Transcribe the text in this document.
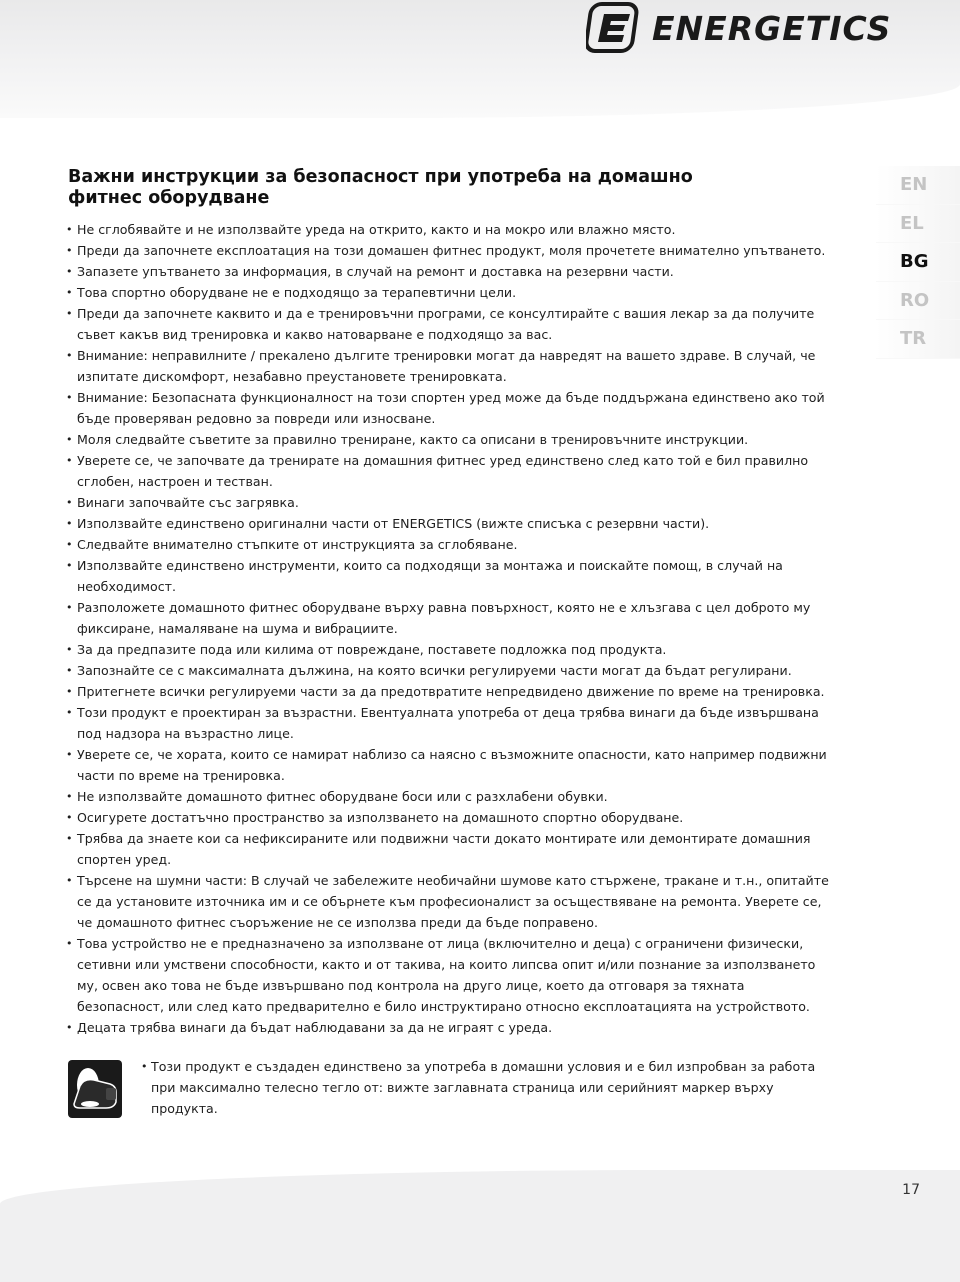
ENERGETICS
Важни инструкции за безопасност при употреба на домашно фитнес оборудване
• Не сглобявайте и не използвайте уреда на открито, както и на мокро или влажно място.
• Преди да започнете експлоатация на този домашен фитнес продукт, моля прочетете внимателно упътването.
• Запазете упътването за информация, в случай на ремонт и доставка на резервни части.
• Това спортно оборудване не е подходящо за терапевтични цели.
• Преди да започнете каквито и да е тренировъчни програми, се консултирайте с вашия лекар за да получите съвет какъв вид тренировка и какво натоварване е подходящо за вас.
• Внимание: неправилните / прекалено дългите тренировки могат да навредят на вашето здраве. В случай, че изпитате дискомфорт, незабавно преустановете тренировката.
• Внимание: Безопасната функционалност на този спортен уред може да бъде поддържана единствено ако той бъде проверяван редовно за повреди или износване.
• Моля следвайте съветите за правилно трениране, както са описани в тренировъчните инструкции.
• Уверете се, че започвате да тренирате на домашния фитнес уред единствено след като той е бил правилно сглобен, настроен и тестван.
• Винаги започвайте със загрявка.
• Използвайте единствено оригинални части от ENERGETICS (вижте списъка с резервни части).
• Следвайте внимателно стъпките от инструкцията за сглобяване.
• Използвайте единствено инструменти, които са подходящи за монтажа и поискайте помощ, в случай на необходимост.
• Разположете домашното фитнес оборудване върху равна повърхност, която не е хлъзгава с цел доброто му фиксиране, намаляване на шума и вибрациите.
• За да предпазите пода или килима от повреждане, поставете подложка под продукта.
• Запознайте се с максималната дължина, на която всички регулируеми части могат да бъдат регулирани.
• Притегнете всички регулируеми части за да предотвратите непредвидено движение по време на тренировка.
• Този продукт е проектиран за възрастни. Евентуалната употреба от деца трябва винаги да бъде извършвана под надзора на възрастно лице.
• Уверете се, че хората, които се намират наблизо са наясно с възможните опасности, като например подвижни части по време на тренировка.
• Не използвайте домашното фитнес оборудване боси или с разхлабени обувки.
• Осигурете достатъчно пространство за използването на домашното спортно оборудване.
• Трябва да знаете кои са нефиксираните или подвижни части докато монтирате или демонтирате домашния спортен уред.
• Търсене на шумни части: В случай че забележите необичайни шумове като стържене, тракане и т.н., опитайте се да установите източника им и се обърнете към професионалист за осъществяване на ремонта. Уверете се, че домашното фитнес съоръжение не се използва преди да бъде поправено.
• Това устройство не е предназначено за използване от лица (включително и деца) с ограничени физически, сетивни или умствени способности, както и от такива, на които липсва опит и/или познание за използването му, освен ако това не бъде извършвано под контрола на друго лице, което да отговаря за тяхната безопасност, или след като предварително е било инструктирано относно експлоатацията на устройството.
• Децата трябва винаги да бъдат наблюдавани за да не играят с уреда.
EN
EL
BG
RO
TR
• Този продукт е създаден единствено за употреба в домашни условия и е бил изпробван за работа при максимално телесно тегло от: вижте заглавната страница или серийният маркер върху продукта.
17
